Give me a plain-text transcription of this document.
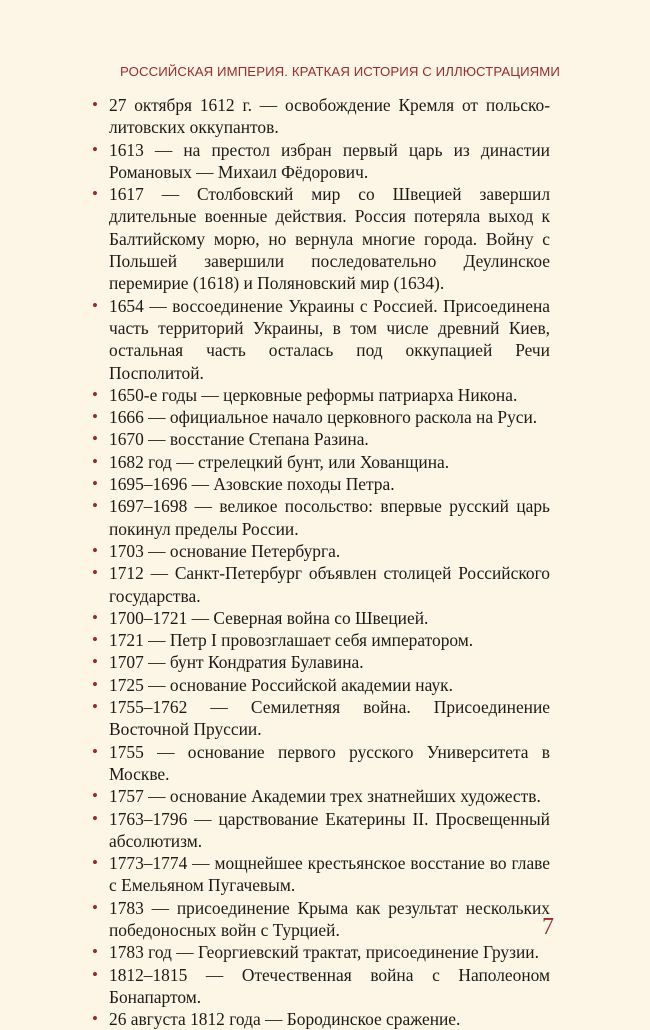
РОССИЙСКАЯ ИМПЕРИЯ. КРАТКАЯ ИСТОРИЯ С ИЛЛЮСТРАЦИЯМИ
• 27 октября 1612 г. — освобождение Кремля от польско-литовских оккупантов.
• 1613 — на престол избран первый царь из династии Романовых — Михаил Фёдорович.
• 1617 — Столбовский мир со Швецией завершил длительные военные действия. Россия потеряла выход к Балтийскому морю, но вернула многие города. Войну с Польшей завершили последовательно Деулинское перемирие (1618) и Поляновский мир (1634).
• 1654 — воссоединение Украины с Россией. Присоединена часть территорий Украины, в том числе древний Киев, остальная часть осталась под оккупацией Речи Посполитой.
• 1650-е годы — церковные реформы патриарха Никона.
• 1666 — официальное начало церковного раскола на Руси.
• 1670 — восстание Степана Разина.
• 1682 год — стрелецкий бунт, или Хованщина.
• 1695–1696 — Азовские походы Петра.
• 1697–1698 — великое посольство: впервые русский царь покинул пределы России.
• 1703 — основание Петербурга.
• 1712 — Санкт-Петербург объявлен столицей Российского государства.
• 1700–1721 — Северная война со Швецией.
• 1721 — Петр I провозглашает себя императором.
• 1707 — бунт Кондратия Булавина.
• 1725 — основание Российской академии наук.
• 1755–1762 — Семилетняя война. Присоединение Восточной Пруссии.
• 1755 — основание первого русского Университета в Москве.
• 1757 — основание Академии трех знатнейших художеств.
• 1763–1796 — царствование Екатерины II. Просвещенный абсолютизм.
• 1773–1774 — мощнейшее крестьянское восстание во главе с Емельяном Пугачевым.
• 1783 — присоединение Крыма как результат нескольких победоносных войн с Турцией.
• 1783 год — Георгиевский трактат, присоединение Грузии.
• 1812–1815 — Отечественная война с Наполеоном Бонапартом.
• 26 августа 1812 года — Бородинское сражение.
7
